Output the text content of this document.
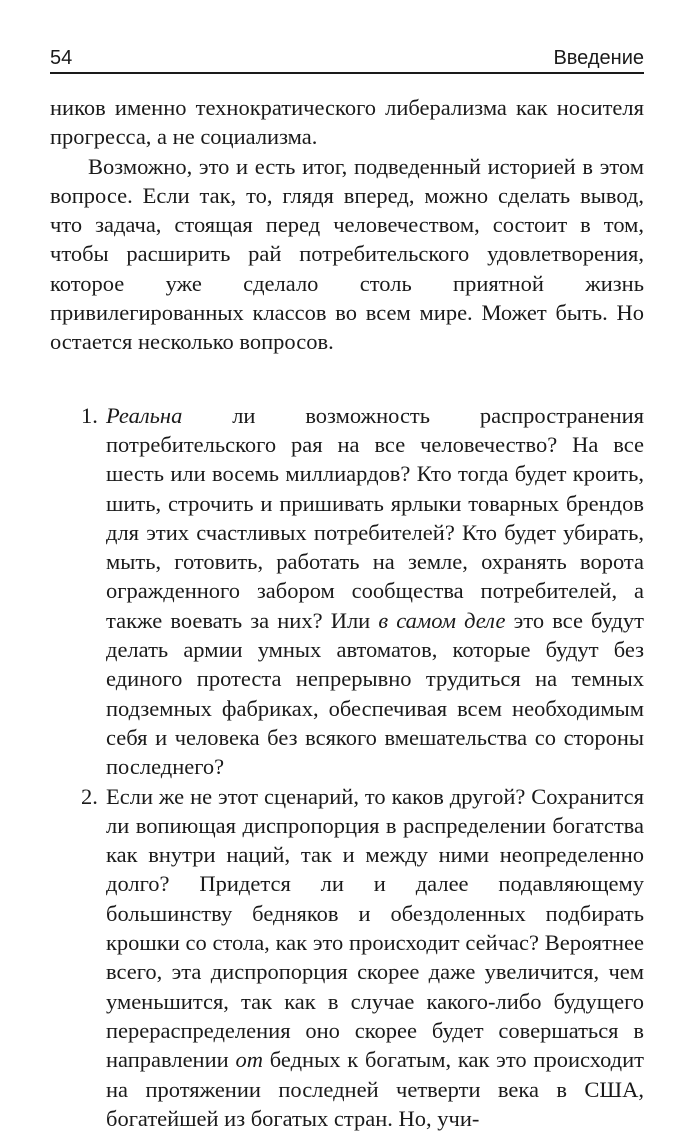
54	Введение

ников именно технократического либерализма как носителя прогресса, а не социализма.

Возможно, это и есть итог, подведенный историей в этом вопросе. Если так, то, глядя вперед, можно сделать вывод, что задача, стоящая перед человечеством, состоит в том, чтобы расширить рай потребительского удовлетворения, которое уже сделало столь приятной жизнь привилегированных классов во всем мире. Может быть. Но остается несколько вопросов.

1. Реальна ли возможность распространения потребительского рая на все человечество? На все шесть или восемь миллиардов? Кто тогда будет кроить, шить, строчить и пришивать ярлыки товарных брендов для этих счастливых потребителей? Кто будет убирать, мыть, готовить, работать на земле, охранять ворота огражденного забором сообщества потребителей, а также воевать за них? Или в самом деле это все будут делать армии умных автоматов, которые будут без единого протеста непрерывно трудиться на темных подземных фабриках, обеспечивая всем необходимым себя и человека без всякого вмешательства со стороны последнего?
2. Если же не этот сценарий, то каков другой? Сохранится ли вопиющая диспропорция в распределении богатства как внутри наций, так и между ними неопределенно долго? Придется ли и далее подавляющему большинству бедняков и обездоленных подбирать крошки со стола, как это происходит сейчас? Вероятнее всего, эта диспропорция скорее даже увеличится, чем уменьшится, так как в случае какого-либо будущего перераспределения оно скорее будет совершаться в направлении от бедных к богатым, как это происходит на протяжении последней четверти века в США, богатейшей из богатых стран. Но, учи-
